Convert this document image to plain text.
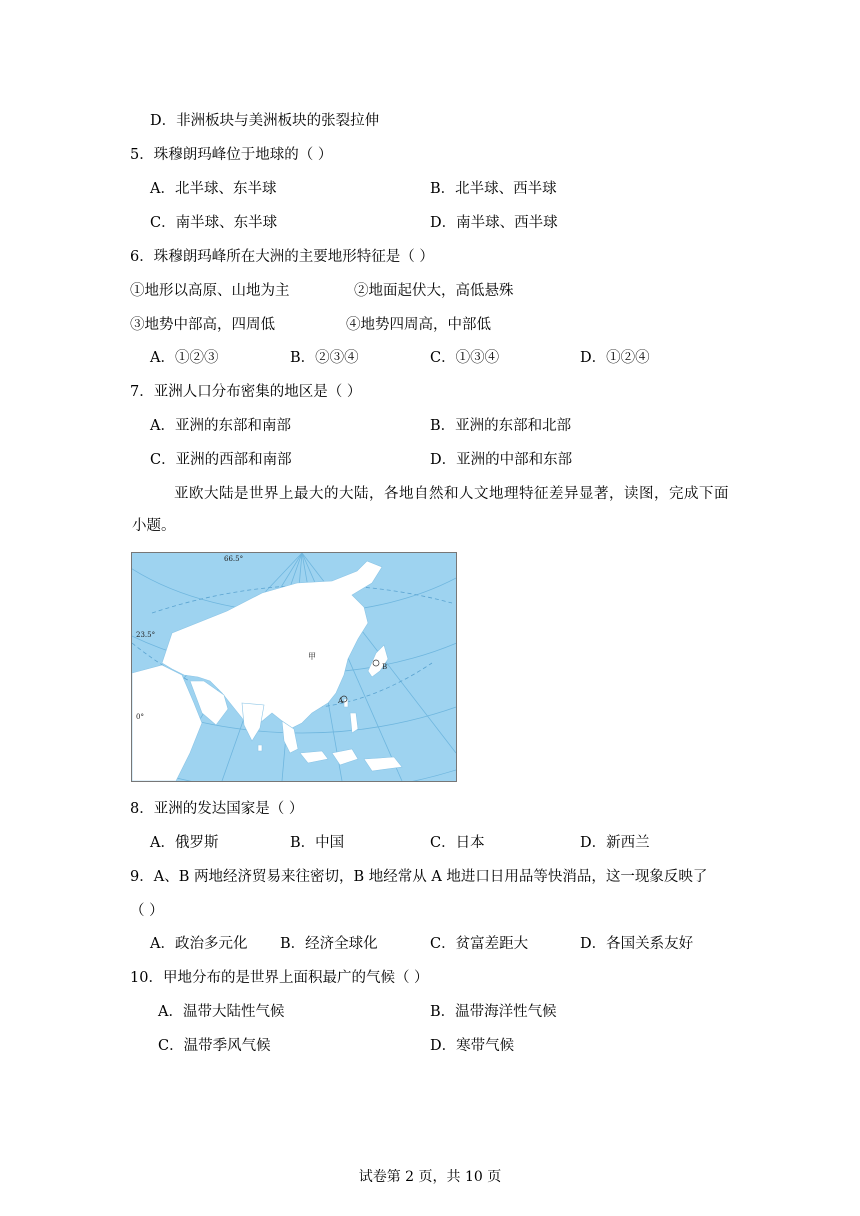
D．非洲板块与美洲板块的张裂拉伸
5．珠穆朗玛峰位于地球的（ ）
A．北半球、东半球	B．北半球、西半球
C．南半球、东半球	D．南半球、西半球
6．珠穆朗玛峰所在大洲的主要地形特征是（ ）
①地形以高原、山地为主	②地面起伏大，高低悬殊
③地势中部高，四周低	④地势四周高，中部低
A．①②③	B．②③④	C．①③④	D．①②④
7．亚洲人口分布密集的地区是（ ）
A．亚洲的东部和南部	B．亚洲的东部和北部
C．亚洲的西部和南部	D．亚洲的中部和东部
亚欧大陆是世界上最大的大陆，各地自然和人文地理特征差异显著，读图，完成下面
小题。
66.5°
23.5°
0°
甲
A
B
8．亚洲的发达国家是（ ）
A．俄罗斯	B．中国	C．日本	D．新西兰
9．A、B 两地经济贸易来往密切，B 地经常从 A 地进口日用品等快消品，这一现象反映了
（ ）
A．政治多元化 B．经济全球化	C．贫富差距大	D．各国关系友好
10．甲地分布的是世界上面积最广的气候（ ）
A．温带大陆性气候	B．温带海洋性气候
C．温带季风气候	D．寒带气候
试卷第 2 页，共 10 页
